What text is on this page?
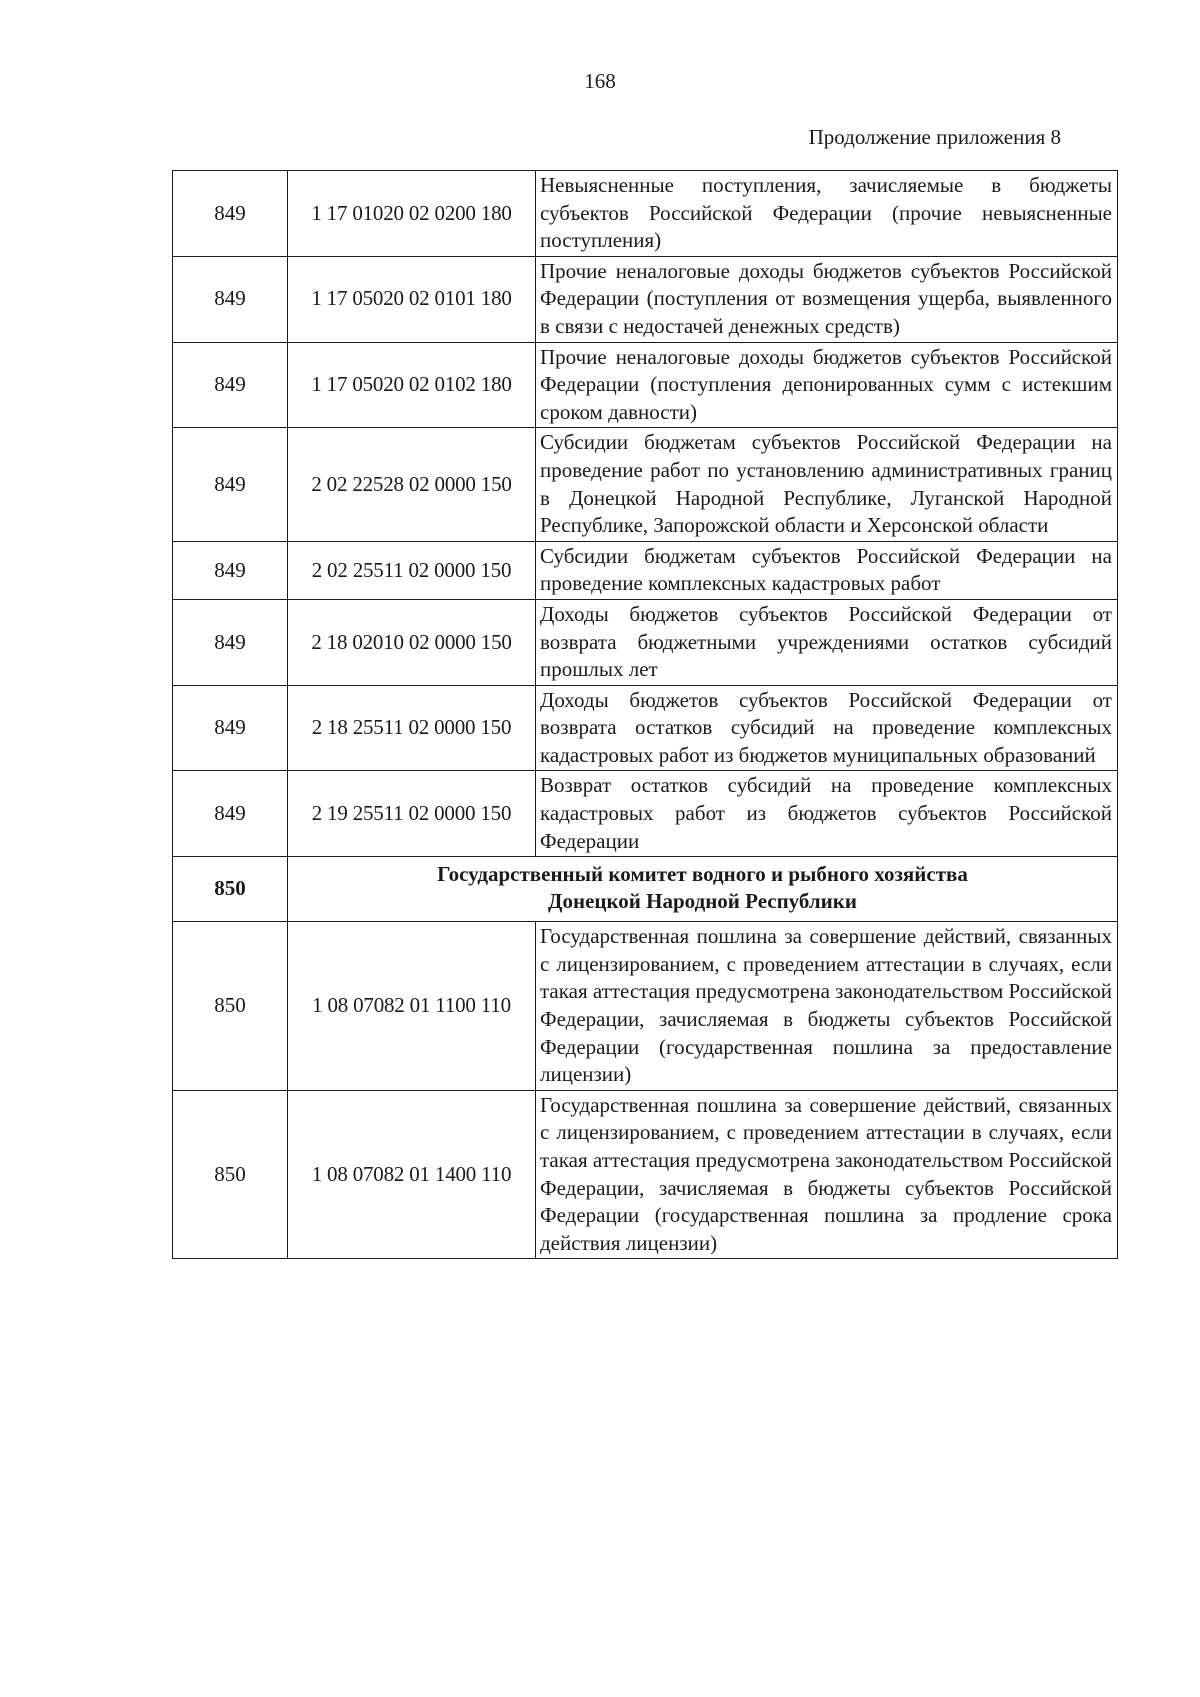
168
Продолжение приложения 8
849	1 17 01020 02 0200 180	Невыясненные поступления, зачисляемые в бюджеты субъектов Российской Федерации (прочие невыясненные поступления)
849	1 17 05020 02 0101 180	Прочие неналоговые доходы бюджетов субъектов Российской Федерации (поступления от возмещения ущерба, выявленного в связи с недостачей денежных средств)
849	1 17 05020 02 0102 180	Прочие неналоговые доходы бюджетов субъектов Российской Федерации (поступления депонированных сумм с истекшим сроком давности)
849	2 02 22528 02 0000 150	Субсидии бюджетам субъектов Российской Федерации на проведение работ по установлению административных границ в Донецкой Народной Республике, Луганской Народной Республике, Запорожской области и Херсонской области
849	2 02 25511 02 0000 150	Субсидии бюджетам субъектов Российской Федерации на проведение комплексных кадастровых работ
849	2 18 02010 02 0000 150	Доходы бюджетов субъектов Российской Федерации от возврата бюджетными учреждениями остатков субсидий прошлых лет
849	2 18 25511 02 0000 150	Доходы бюджетов субъектов Российской Федерации от возврата остатков субсидий на проведение комплексных кадастровых работ из бюджетов муниципальных образований
849	2 19 25511 02 0000 150	Возврат остатков субсидий на проведение комплексных кадастровых работ из бюджетов субъектов Российской Федерации
850	Государственный комитет водного и рыбного хозяйства
Донецкой Народной Республики	

850	1 08 07082 01 1100 110	Государственная пошлина за совершение действий, связанных с лицензированием, с проведением аттестации в случаях, если такая аттестация предусмотрена законодательством Российской Федерации, зачисляемая в бюджеты субъектов Российской Федерации (государственная пошлина за предоставление лицензии)
850	1 08 07082 01 1400 110	Государственная пошлина за совершение действий, связанных с лицензированием, с проведением аттестации в случаях, если такая аттестация предусмотрена законодательством Российской Федерации, зачисляемая в бюджеты субъектов Российской Федерации (государственная пошлина за продление срока действия лицензии)
